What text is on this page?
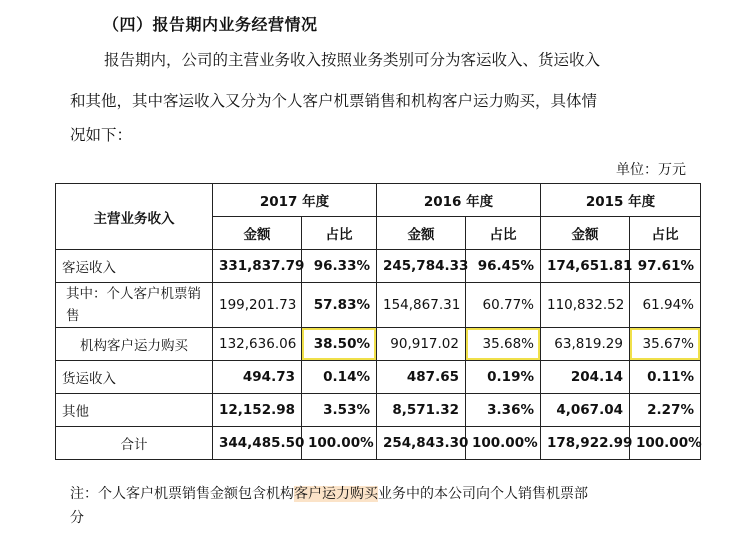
（四）报告期内业务经营情况
报告期内，公司的主营业务收入按照业务类别可分为客运收入、货运收入
和其他，其中客运收入又分为个人客户机票销售和机构客户运力购买，具体情
况如下：
单位：万元
主营业务收入	2017 年度		2016 年度		2015 年度	
	金额	占比	金额	占比	金额	占比
客运收入	331,837.79	96.33%	245,784.33	96.45%	174,651.81	97.61%
其中：个人客户机票销售	199,201.73	57.83%	154,867.31	60.77%	110,832.52	61.94%
机构客户运力购买	132,636.06	38.50%	90,917.02	35.68%	63,819.29	35.67%
货运收入	494.73	0.14%	487.65	0.19%	204.14	0.11%
其他	12,152.98	3.53%	8,571.32	3.36%	4,067.04	2.27%
合计	344,485.50	100.00%	254,843.30	100.00%	178,922.99	100.00%
注：个人客户机票销售金额包含机构客户运力购买业务中的本公司向个人销售机票部
分
